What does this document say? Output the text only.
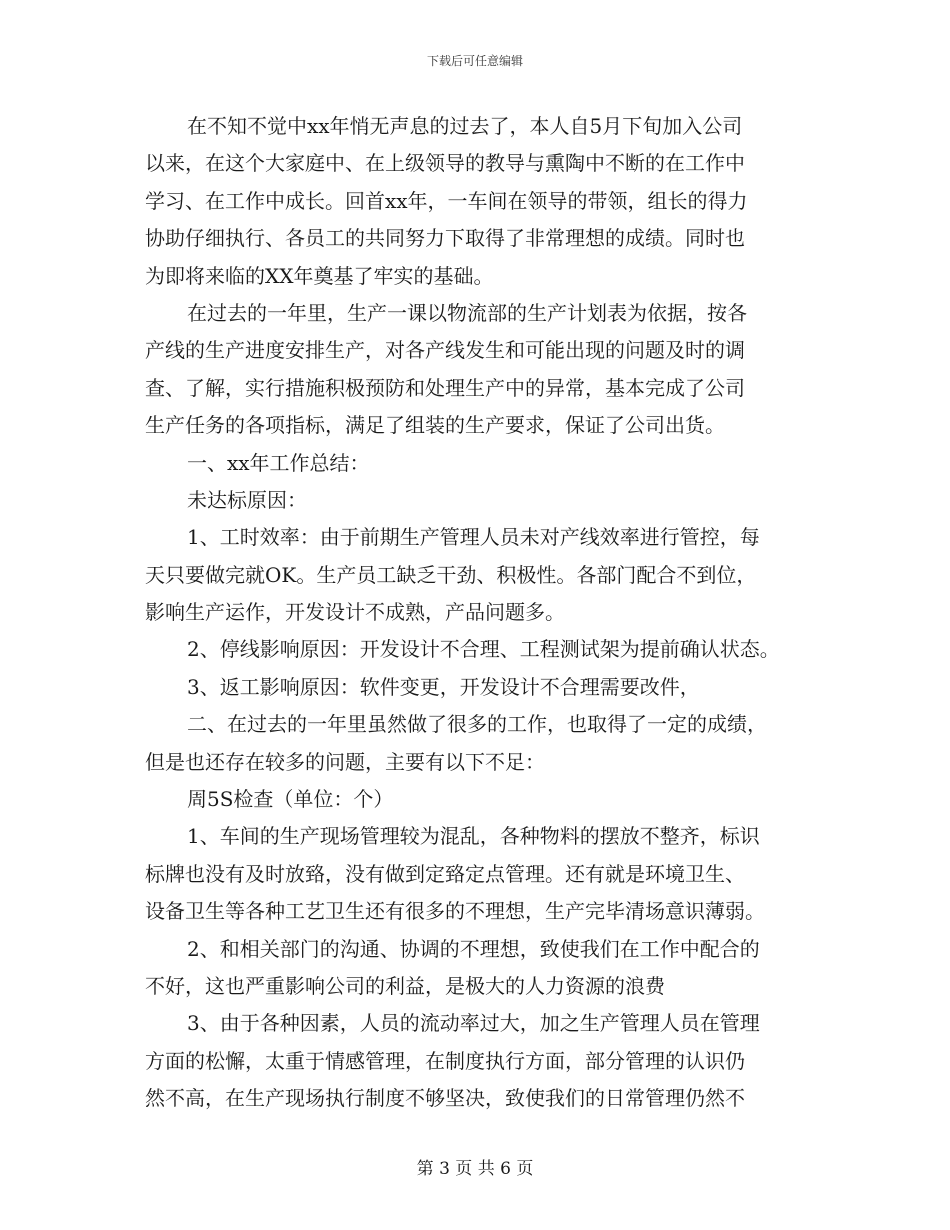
下载后可任意编辑
在不知不觉中xx年悄无声息的过去了，本人自5月下旬加入公司
以来，在这个大家庭中、在上级领导的教导与熏陶中不断的在工作中
学习、在工作中成长。回首xx年，一车间在领导的带领，组长的得力
协助仔细执行、各员工的共同努力下取得了非常理想的成绩。同时也
为即将来临的XX年奠基了牢实的基础。
在过去的一年里，生产一课以物流部的生产计划表为依据，按各
产线的生产进度安排生产，对各产线发生和可能出现的问题及时的调
查、了解，实行措施积极预防和处理生产中的异常，基本完成了公司
生产任务的各项指标，满足了组装的生产要求，保证了公司出货。
一、xx年工作总结：
未达标原因：
1、工时效率：由于前期生产管理人员未对产线效率进行管控，每
天只要做完就OK。生产员工缺乏干劲、积极性。各部门配合不到位，
影响生产运作，开发设计不成熟，产品问题多。
2、停线影响原因：开发设计不合理、工程测试架为提前确认状态。
3、返工影响原因：软件变更，开发设计不合理需要改件，
二、在过去的一年里虽然做了很多的工作，也取得了一定的成绩，
但是也还存在较多的问题，主要有以下不足：
周5S检查（单位：个）
1、车间的生产现场管理较为混乱，各种物料的摆放不整齐，标识
标牌也没有及时放臵，没有做到定臵定点管理。还有就是环境卫生、
设备卫生等各种工艺卫生还有很多的不理想，生产完毕清场意识薄弱。
2、和相关部门的沟通、协调的不理想，致使我们在工作中配合的
不好，这也严重影响公司的利益，是极大的人力资源的浪费
3、由于各种因素，人员的流动率过大，加之生产管理人员在管理
方面的松懈，太重于情感管理，在制度执行方面，部分管理的认识仍
然不高，在生产现场执行制度不够坚决，致使我们的日常管理仍然不
第 3 页 共 6 页
